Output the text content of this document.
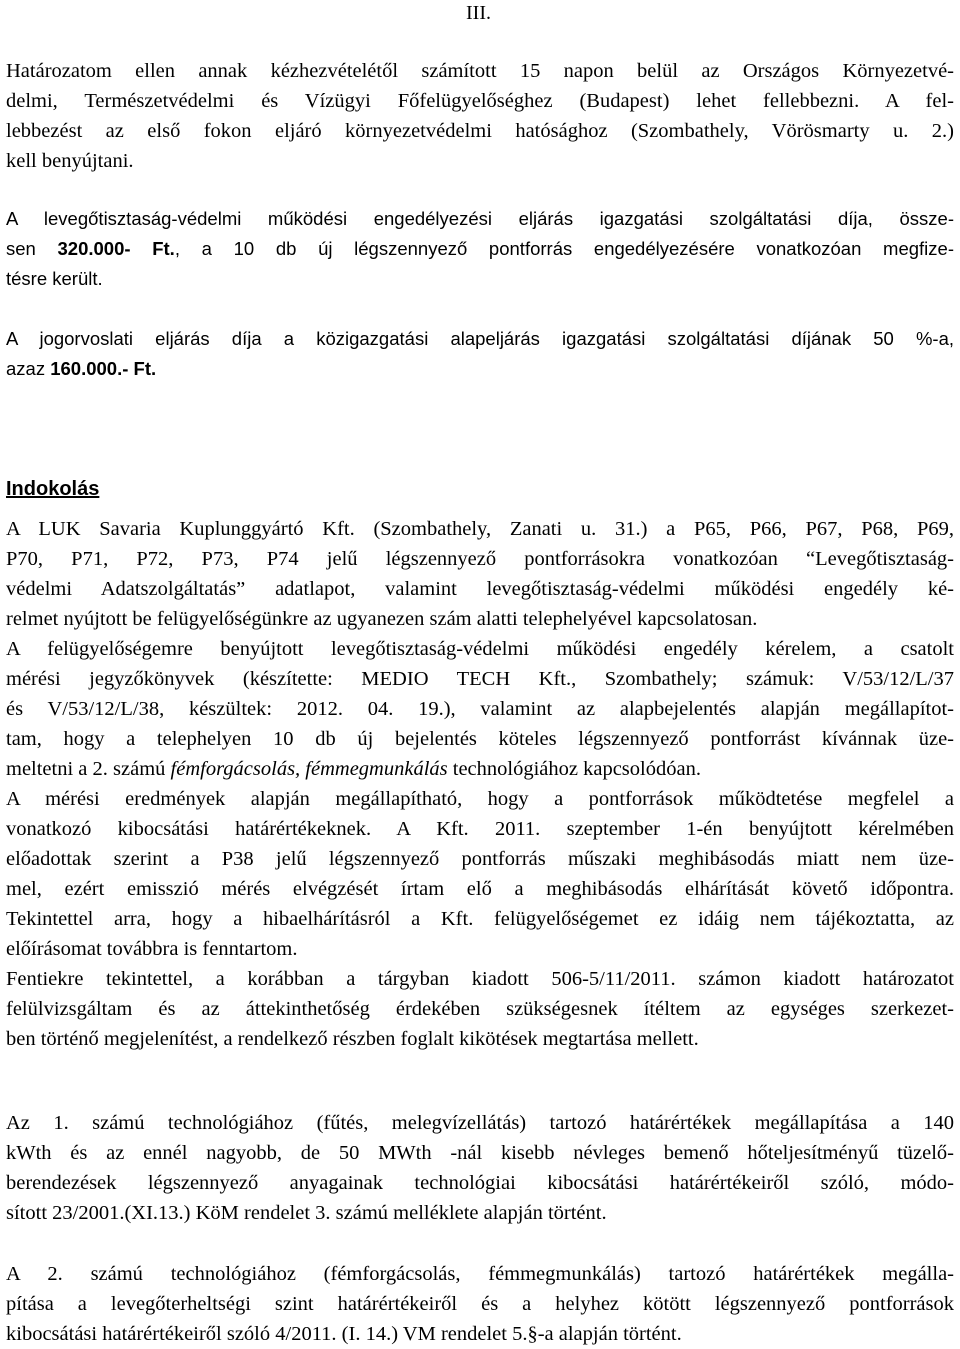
III.
Határozatom ellen annak kézhezvételétől számított 15 napon belül az Országos Környezetvé-
delmi, Természetvédelmi és Vízügyi Főfelügyelőséghez (Budapest) lehet fellebbezni. A fel-
lebbezést az első fokon eljáró környezetvédelmi hatósághoz (Szombathely, Vörösmarty u. 2.)
kell benyújtani.
A levegőtisztaság-védelmi működési engedélyezési eljárás igazgatási szolgáltatási díja, össze-
sen 320.000- Ft., a 10 db új légszennyező pontforrás engedélyezésére vonatkozóan megfize-
tésre került.
A jogorvoslati eljárás díja a közigazgatási alapeljárás igazgatási szolgáltatási díjának 50 %-a,
azaz 160.000.- Ft.
Indokolás
A LUK Savaria Kuplunggyártó Kft. (Szombathely, Zanati u. 31.) a P65, P66, P67, P68, P69,
P70, P71, P72, P73, P74 jelű légszennyező pontforrásokra vonatkozóan “Levegőtisztaság-
védelmi Adatszolgáltatás” adatlapot, valamint levegőtisztaság-védelmi működési engedély ké-
relmet nyújtott be felügyelőségünkre az ugyanezen szám alatti telephelyével kapcsolatosan.
A felügyelőségemre benyújtott levegőtisztaság-védelmi működési engedély kérelem, a csatolt
mérési jegyzőkönyvek (készítette: MEDIO TECH Kft., Szombathely; számuk: V/53/12/L/37
és V/53/12/L/38, készültek: 2012. 04. 19.), valamint az alapbejelentés alapján megállapítot-
tam, hogy a telephelyen 10 db új bejelentés köteles légszennyező pontforrást kívánnak üze-
meltetni a 2. számú fémforgácsolás, fémmegmunkálás technológiához kapcsolódóan.
A mérési eredmények alapján megállapítható, hogy a pontforrások működtetése megfelel a
vonatkozó kibocsátási határértékeknek. A Kft. 2011. szeptember 1-én benyújtott kérelmében
előadottak szerint a P38 jelű légszennyező pontforrás műszaki meghibásodás miatt nem üze-
mel, ezért emisszió mérés elvégzését írtam elő a meghibásodás elhárítását követő időpontra.
Tekintettel arra, hogy a hibaelhárításról a Kft. felügyelőségemet ez idáig nem tájékoztatta, az
előírásomat továbbra is fenntartom.
Fentiekre tekintettel, a korábban a tárgyban kiadott 506-5/11/2011. számon kiadott határozatot
felülvizsgáltam és az áttekinthetőség érdekében szükségesnek ítéltem az egységes szerkezet-
ben történő megjelenítést, a rendelkező részben foglalt kikötések megtartása mellett.
Az 1. számú technológiához (fűtés, melegvízellátás) tartozó határértékek megállapítása a 140
kWth és az ennél nagyobb, de 50 MWth -nál kisebb névleges bemenő hőteljesítményű tüzelő-
berendezések légszennyező anyagainak technológiai kibocsátási határértékeiről szóló, módo-
sított 23/2001.(XI.13.) KöM rendelet 3. számú melléklete alapján történt.
A 2. számú technológiához (fémforgácsolás, fémmegmunkálás) tartozó határértékek megálla-
pítása a levegőterheltségi szint határértékeiről és a helyhez kötött légszennyező pontforrások
kibocsátási határértékeiről szóló 4/2011. (I. 14.) VM rendelet 5.§-a alapján történt.
